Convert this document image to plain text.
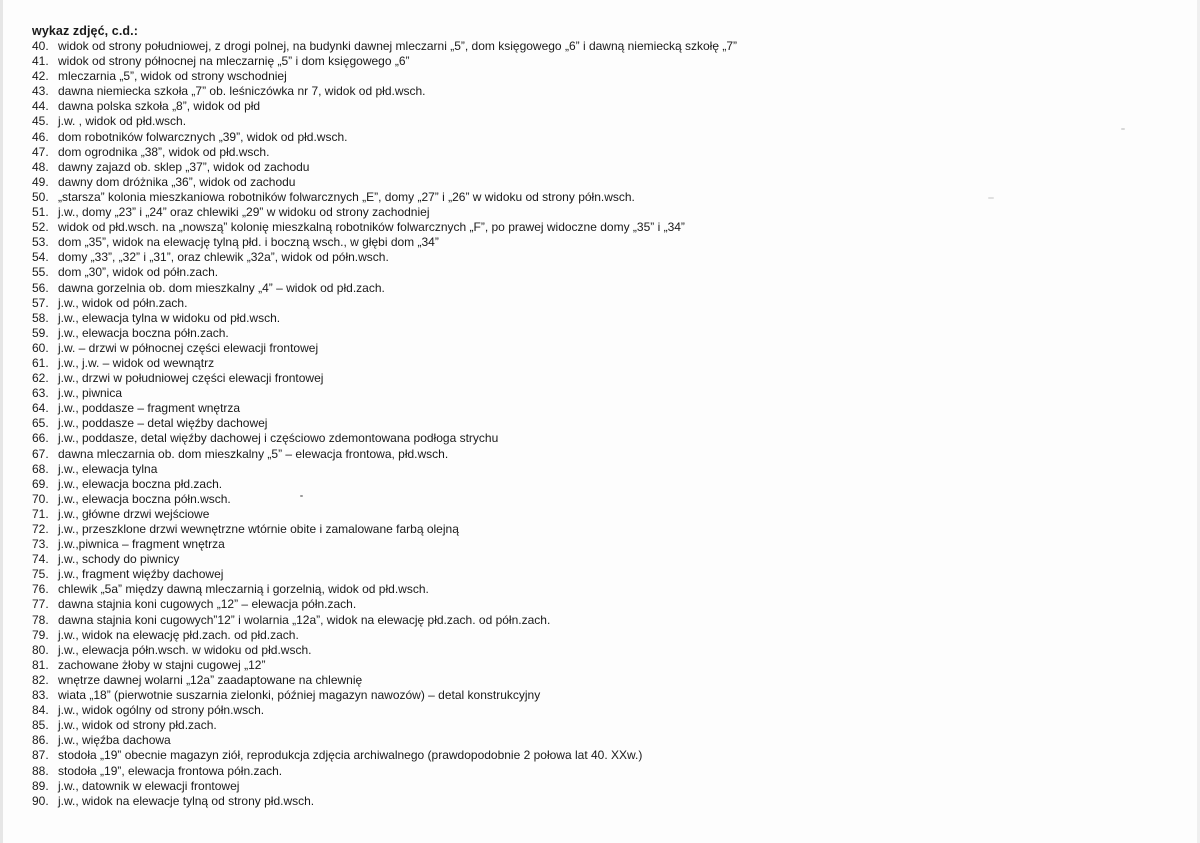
wykaz zdjęć, c.d.:
40. widok od strony południowej, z drogi polnej, na budynki dawnej mleczarni „5”, dom księgowego „6” i dawną niemiecką szkołę „7”
41. widok od strony północnej na mleczarnię „5” i dom księgowego „6”
42. mleczarnia „5”, widok od strony wschodniej
43. dawna niemiecka szkoła „7” ob. leśniczówka nr 7, widok od płd.wsch.
44. dawna polska szkoła „8”, widok od płd
45. j.w. , widok od płd.wsch.
46. dom robotników folwarcznych „39”, widok od płd.wsch.
47. dom ogrodnika „38”, widok od płd.wsch.
48. dawny zajazd ob. sklep „37”, widok od zachodu
49. dawny dom dróżnika „36”, widok od zachodu
50. „starsza” kolonia mieszkaniowa robotników folwarcznych „E”, domy „27” i „26” w widoku od strony półn.wsch.
51. j.w., domy „23” i „24” oraz chlewiki „29” w widoku od strony zachodniej
52. widok od płd.wsch. na „nowszą” kolonię mieszkalną robotników folwarcznych „F”, po prawej widoczne domy „35” i „34”
53. dom „35”, widok na elewację tylną płd. i boczną wsch., w głębi dom „34”
54. domy „33”, „32” i „31”, oraz chlewik „32a”, widok od półn.wsch.
55. dom „30”, widok od półn.zach.
56. dawna gorzelnia ob. dom mieszkalny „4” – widok od płd.zach.
57. j.w., widok od półn.zach.
58. j.w., elewacja tylna w widoku od płd.wsch.
59. j.w., elewacja boczna półn.zach.
60. j.w. – drzwi w północnej części elewacji frontowej
61. j.w., j.w. – widok od wewnątrz
62. j.w., drzwi w południowej części elewacji frontowej
63. j.w., piwnica
64. j.w., poddasze – fragment wnętrza
65. j.w., poddasze – detal więźby dachowej
66. j.w., poddasze, detal więźby dachowej i częściowo zdemontowana podłoga strychu
67. dawna mleczarnia ob. dom mieszkalny „5” – elewacja frontowa, płd.wsch.
68. j.w., elewacja tylna
69. j.w., elewacja boczna płd.zach.
70. j.w., elewacja boczna półn.wsch.
71. j.w., główne drzwi wejściowe
72. j.w., przeszklone drzwi wewnętrzne wtórnie obite i zamalowane farbą olejną
73. j.w.,piwnica – fragment wnętrza
74. j.w., schody do piwnicy
75. j.w., fragment więźby dachowej
76. chlewik „5a” między dawną mleczarnią i gorzelnią, widok od płd.wsch.
77. dawna stajnia koni cugowych „12” – elewacja półn.zach.
78. dawna stajnia koni cugowych”12” i wolarnia „12a”, widok na elewację płd.zach. od półn.zach.
79. j.w., widok na elewację płd.zach. od płd.zach.
80. j.w., elewacja półn.wsch. w widoku od płd.wsch.
81. zachowane żłoby w stajni cugowej „12”
82. wnętrze dawnej wolarni „12a” zaadaptowane na chlewnię
83. wiata „18” (pierwotnie suszarnia zielonki, później magazyn nawozów) – detal konstrukcyjny
84. j.w., widok ogólny od strony półn.wsch.
85. j.w., widok od strony płd.zach.
86. j.w., więźba dachowa
87. stodoła „19” obecnie magazyn ziół, reprodukcja zdjęcia archiwalnego (prawdopodobnie 2 połowa lat 40. XXw.)
88. stodoła „19”, elewacja frontowa półn.zach.
89. j.w., datownik w elewacji frontowej
90. j.w., widok na elewacje tylną od strony płd.wsch.
